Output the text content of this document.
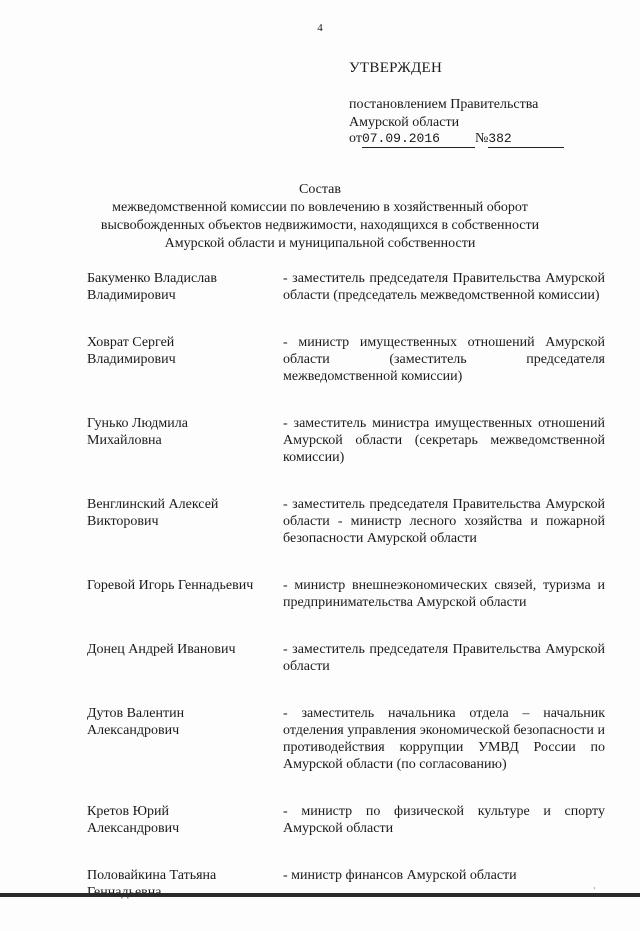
4
УТВЕРЖДЕН
постановлением Правительства
Амурской области
от07.09.2016 №382
Состав
межведомственной комиссии по вовлечению в хозяйственный оборот
высвобожденных объектов недвижимости, находящихся в собственности
Амурской области и муниципальной собственности
Бакуменко Владислав
Владимирович
- заместитель председателя Правительства Амурской области (председатель межведомственной комиссии)
Ховрат Сергей
Владимирович
- министр имущественных отношений Амурской области (заместитель председателя межведомственной комиссии)
Гунько Людмила
Михайловна
- заместитель министра имущественных отношений Амурской области (секретарь межведомственной комиссии)
Венглинский Алексей
Викторович
- заместитель председателя Правительства Амурской области - министр лесного хозяйства и пожарной безопасности Амурской области
Горевой Игорь Геннадьевич	- министр внешнеэкономических связей, туризма и предпринимательства Амурской области
Донец Андрей Иванович	- заместитель председателя Правительства Амурской области
Дутов Валентин
Александрович
- заместитель начальника отдела – начальник отделения управления экономической безопасности и противодействия коррупции УМВД России по Амурской области (по согласованию)
Кретов Юрий
Александрович
- министр по физической культуре и спорту Амурской области
Половайкина Татьяна	- министр финансов Амурской области
·
